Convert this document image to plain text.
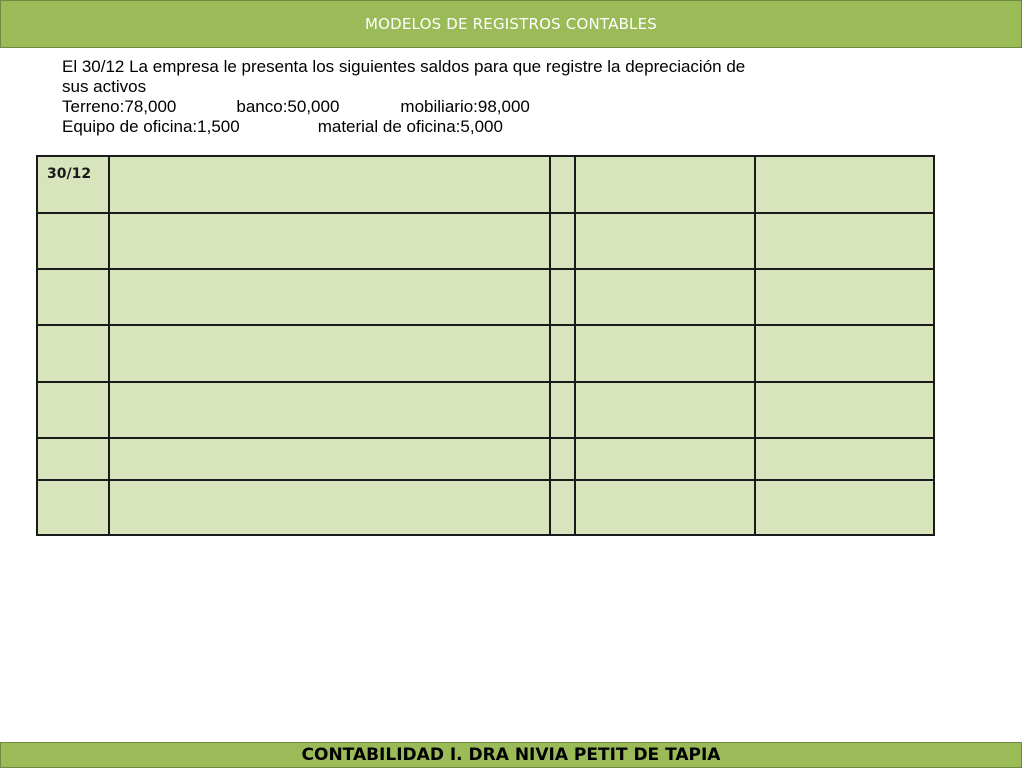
MODELOS DE REGISTROS CONTABLES
El 30/12 La empresa le presenta los siguientes saldos para que registre la depreciación de
sus activos
Terreno:78,000	banco:50,000	mobiliario:98,000
Equipo de oficina:1,500	material de oficina:5,000
30/12				

CONTABILIDAD I. DRA NIVIA PETIT DE TAPIA
